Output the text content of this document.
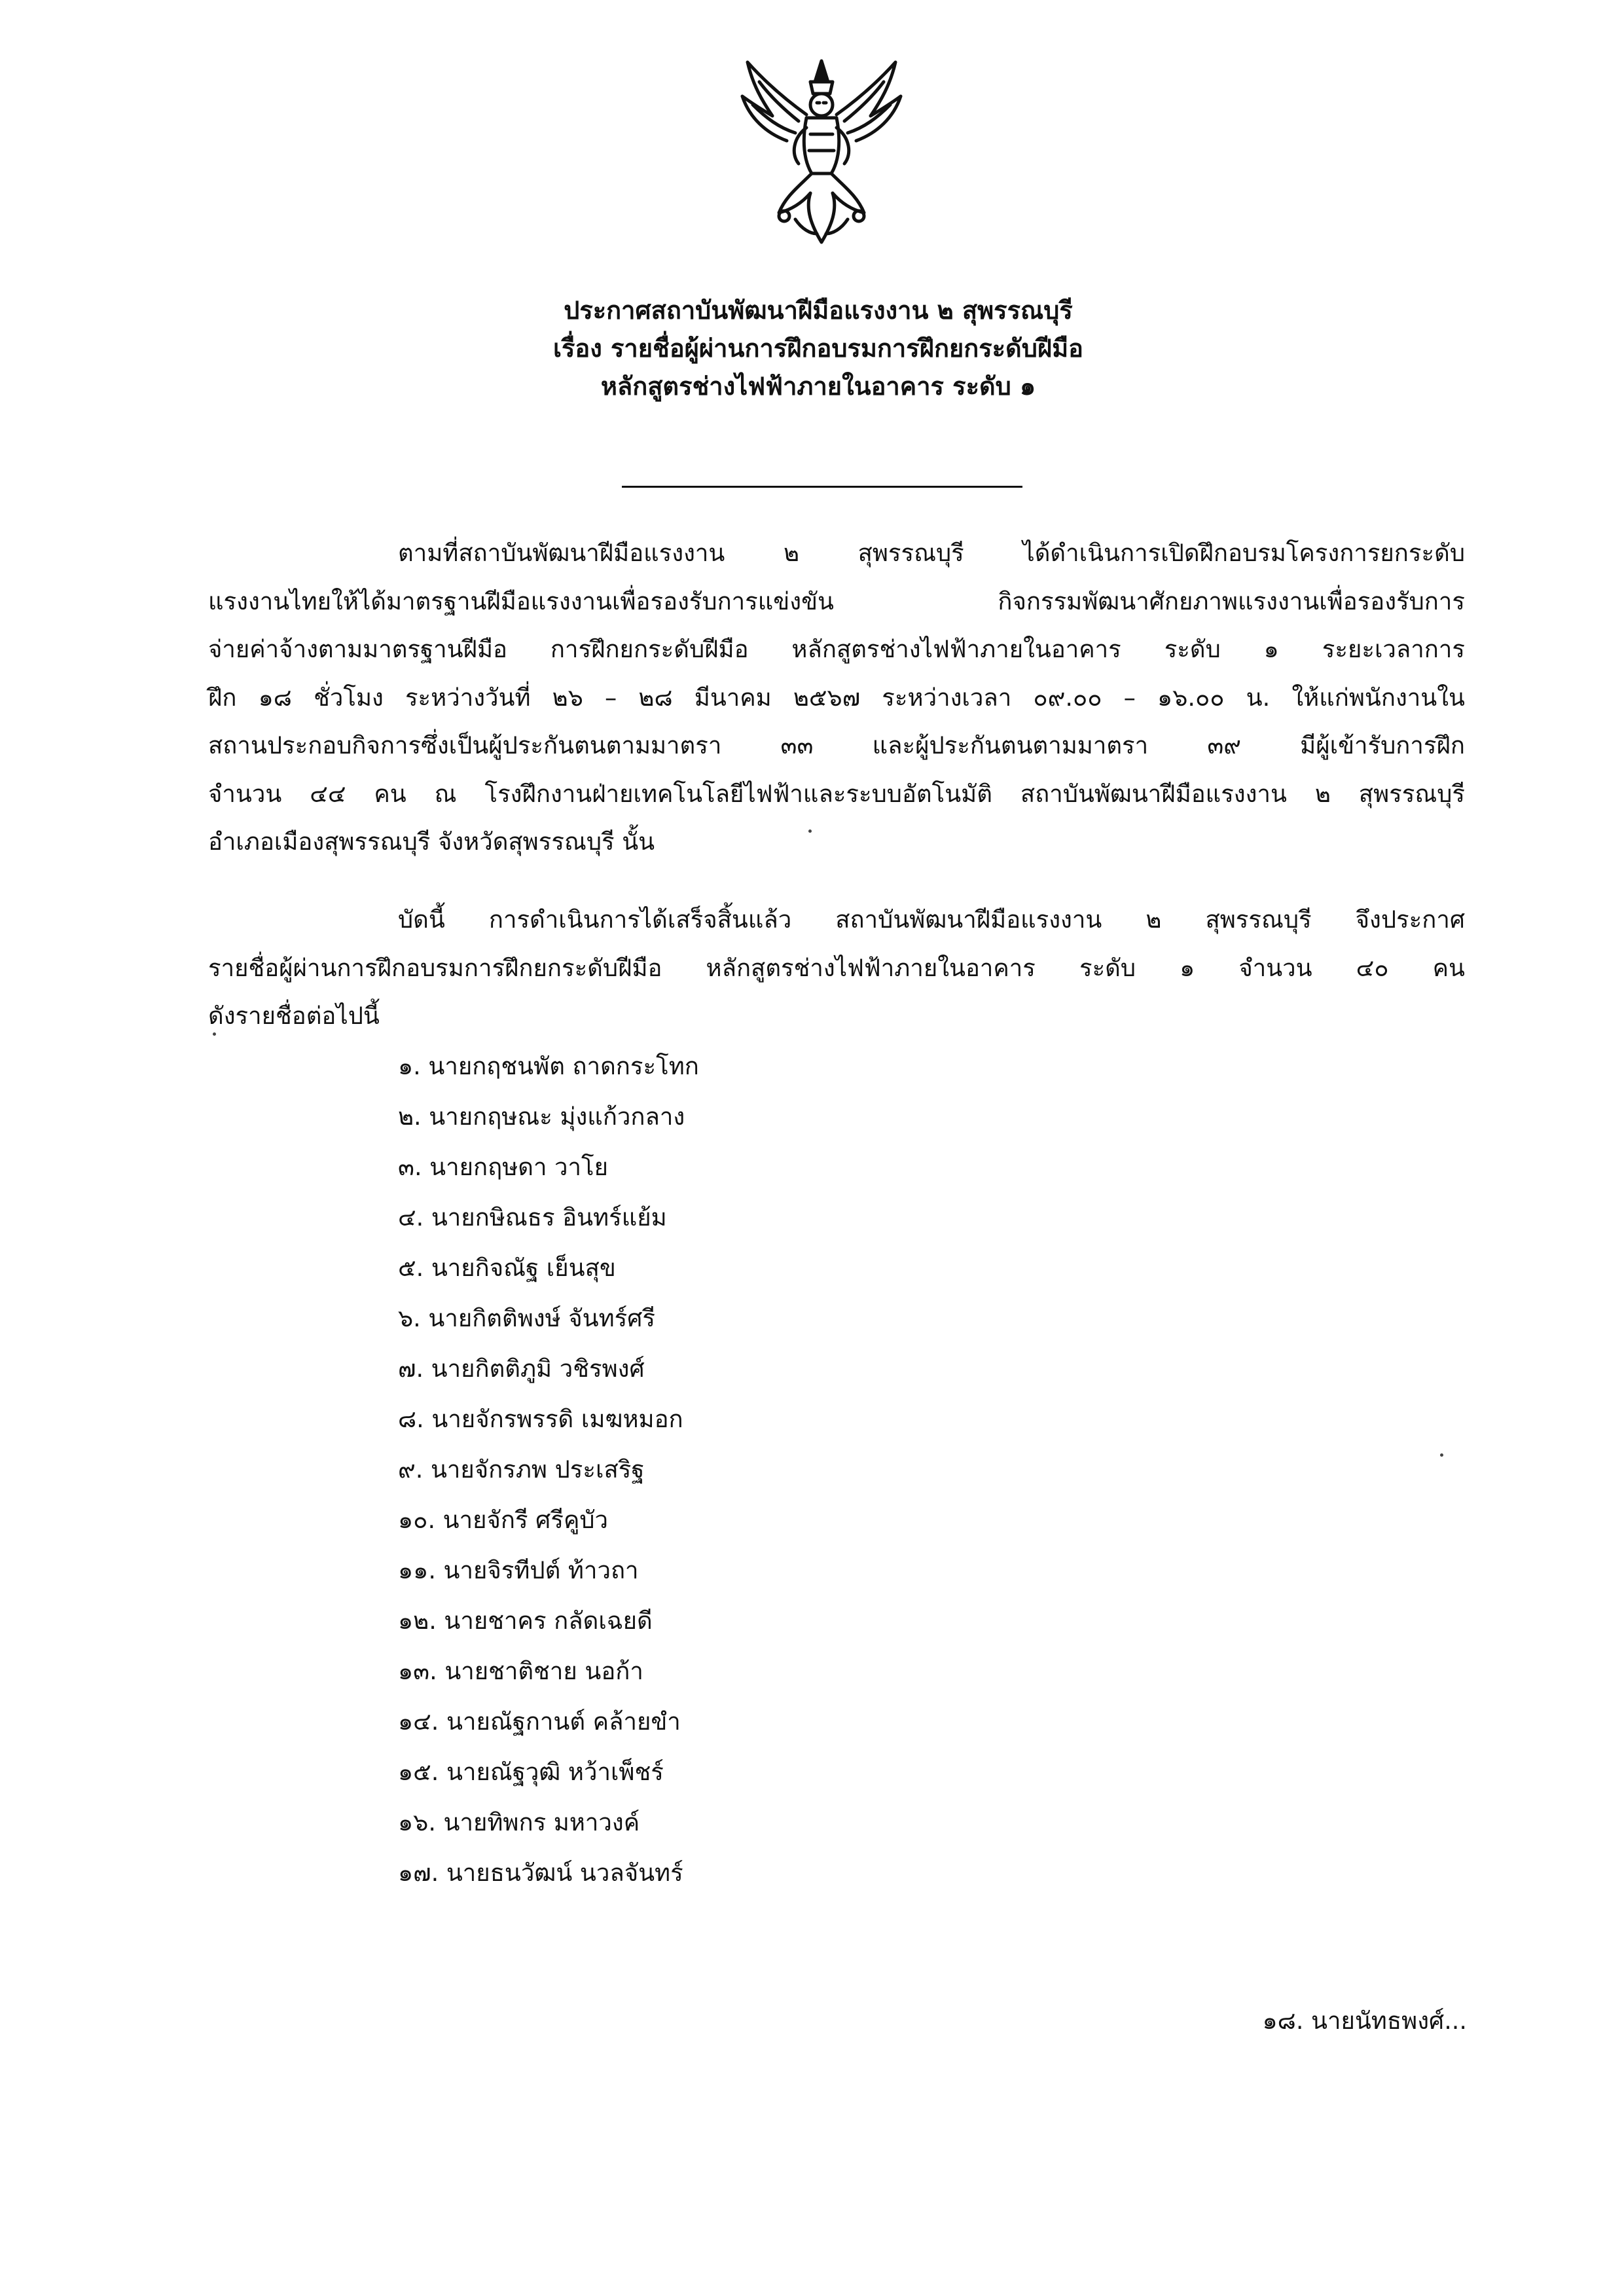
ประกาศสถาบันพัฒนาฝีมือแรงงาน ๒ สุพรรณบุรี
เรื่อง รายชื่อผู้ผ่านการฝึกอบรมการฝึกยกระดับฝีมือ
หลักสูตรช่างไฟฟ้าภายในอาคาร ระดับ ๑
ตามที่สถาบันพัฒนาฝีมือแรงงาน ๒ สุพรรณบุรี ได้ดำเนินการเปิดฝึกอบรมโครงการยกระดับ
แรงงานไทยให้ได้มาตรฐานฝีมือแรงงานเพื่อรองรับการแข่งขัน กิจกรรมพัฒนาศักยภาพแรงงานเพื่อรองรับการ
จ่ายค่าจ้างตามมาตรฐานฝีมือ การฝึกยกระดับฝีมือ หลักสูตรช่างไฟฟ้าภายในอาคาร ระดับ ๑ ระยะเวลาการ
ฝึก ๑๘ ชั่วโมง ระหว่างวันที่ ๒๖ – ๒๘ มีนาคม ๒๕๖๗ ระหว่างเวลา ๐๙.๐๐ – ๑๖.๐๐ น. ให้แก่พนักงานใน
สถานประกอบกิจการซึ่งเป็นผู้ประกันตนตามมาตรา ๓๓ และผู้ประกันตนตามมาตรา ๓๙ มีผู้เข้ารับการฝึก
จำนวน ๔๔ คน ณ โรงฝึกงานฝ่ายเทคโนโลยีไฟฟ้าและระบบอัตโนมัติ สถาบันพัฒนาฝีมือแรงงาน ๒ สุพรรณบุรี
อำเภอเมืองสุพรรณบุรี จังหวัดสุพรรณบุรี นั้น
บัดนี้ การดำเนินการได้เสร็จสิ้นแล้ว สถาบันพัฒนาฝีมือแรงงาน ๒ สุพรรณบุรี จึงประกาศ
รายชื่อผู้ผ่านการฝึกอบรมการฝึกยกระดับฝีมือ หลักสูตรช่างไฟฟ้าภายในอาคาร ระดับ ๑ จำนวน ๔๐ คน
ดังรายชื่อต่อไปนี้
๑. นายกฤชนพัต ถาดกระโทก
๒. นายกฤษณะ มุ่งแก้วกลาง
๓. นายกฤษดา วาโย
๔. นายกษิณธร อินทร์แย้ม
๕. นายกิจณัฐ เย็นสุข
๖. นายกิตติพงษ์ จันทร์ศรี
๗. นายกิตติภูมิ วชิรพงศ์
๘. นายจักรพรรดิ เมฆหมอก
๙. นายจักรภพ ประเสริฐ
๑๐. นายจักรี ศรีคูบัว
๑๑. นายจิรทีปต์ ท้าวถา
๑๒. นายชาคร กลัดเฉยดี
๑๓. นายชาติชาย นอก้า
๑๔. นายณัฐกานต์ คล้ายขำ
๑๕. นายณัฐวุฒิ หว้าเพ็ชร์
๑๖. นายทิพกร มหาวงค์
๑๗. นายธนวัฒน์ นวลจันทร์
๑๘. นายนัทธพงศ์...
